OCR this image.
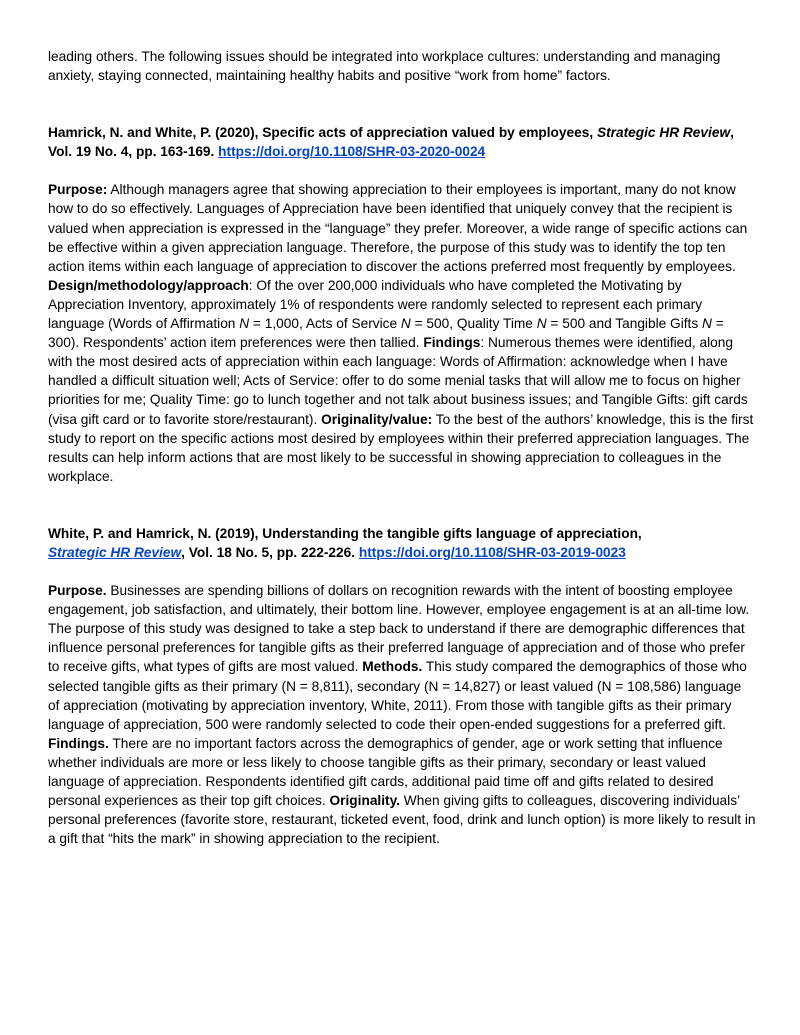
leading others. The following issues should be integrated into workplace cultures: understanding and managing anxiety, staying connected, maintaining healthy habits and positive “work from home” factors.

Hamrick, N. and White, P. (2020), Specific acts of appreciation valued by employees, Strategic HR Review, Vol. 19 No. 4, pp. 163-169. https://doi.org/10.1108/SHR-03-2020-0024

Purpose: Although managers agree that showing appreciation to their employees is important, many do not know how to do so effectively. Languages of Appreciation have been identified that uniquely convey that the recipient is valued when appreciation is expressed in the “language” they prefer. Moreover, a wide range of specific actions can be effective within a given appreciation language. Therefore, the purpose of this study was to identify the top ten action items within each language of appreciation to discover the actions preferred most frequently by employees. Design/methodology/approach: Of the over 200,000 individuals who have completed the Motivating by Appreciation Inventory, approximately 1% of respondents were randomly selected to represent each primary language (Words of Affirmation N = 1,000, Acts of Service N = 500, Quality Time N = 500 and Tangible Gifts N = 300). Respondents’ action item preferences were then tallied. Findings: Numerous themes were identified, along with the most desired acts of appreciation within each language: Words of Affirmation: acknowledge when I have handled a difficult situation well; Acts of Service: offer to do some menial tasks that will allow me to focus on higher priorities for me; Quality Time: go to lunch together and not talk about business issues; and Tangible Gifts: gift cards (visa gift card or to favorite store/restaurant). Originality/value: To the best of the authors’ knowledge, this is the first study to report on the specific actions most desired by employees within their preferred appreciation languages. The results can help inform actions that are most likely to be successful in showing appreciation to colleagues in the workplace.

White, P. and Hamrick, N. (2019), Understanding the tangible gifts language of appreciation,
Strategic HR Review, Vol. 18 No. 5, pp. 222-226. https://doi.org/10.1108/SHR-03-2019-0023

Purpose. Businesses are spending billions of dollars on recognition rewards with the intent of boosting employee engagement, job satisfaction, and ultimately, their bottom line. However, employee engagement is at an all-time low. The purpose of this study was designed to take a step back to understand if there are demographic differences that influence personal preferences for tangible gifts as their preferred language of appreciation and of those who prefer to receive gifts, what types of gifts are most valued. Methods. This study compared the demographics of those who selected tangible gifts as their primary (N = 8,811), secondary (N = 14,827) or least valued (N = 108,586) language of appreciation (motivating by appreciation inventory, White, 2011). From those with tangible gifts as their primary language of appreciation, 500 were randomly selected to code their open-ended suggestions for a preferred gift. Findings. There are no important factors across the demographics of gender, age or work setting that influence whether individuals are more or less likely to choose tangible gifts as their primary, secondary or least valued language of appreciation. Respondents identified gift cards, additional paid time off and gifts related to desired personal experiences as their top gift choices. Originality. When giving gifts to colleagues, discovering individuals’ personal preferences (favorite store, restaurant, ticketed event, food, drink and lunch option) is more likely to result in a gift that “hits the mark” in showing appreciation to the recipient.
